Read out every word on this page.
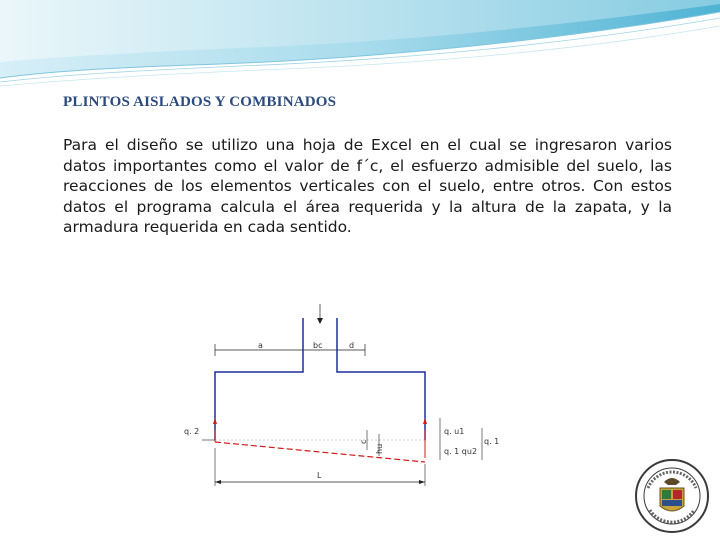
PLINTOS AISLADOS Y COMBINADOS

Para el diseño se utilizo una hoja de Excel en el cual se ingresaron varios datos importantes como el valor de f´c, el esfuerzo admisible del suelo, las reacciones de los elementos verticales con el suelo, entre otros. Con estos datos el programa calcula el área requerida y la altura de la zapata, y la armadura requerida en cada sentido.

a	bc	d
q. 2	q. u1
q. 1 qu2
q. 1
c
hu
L
